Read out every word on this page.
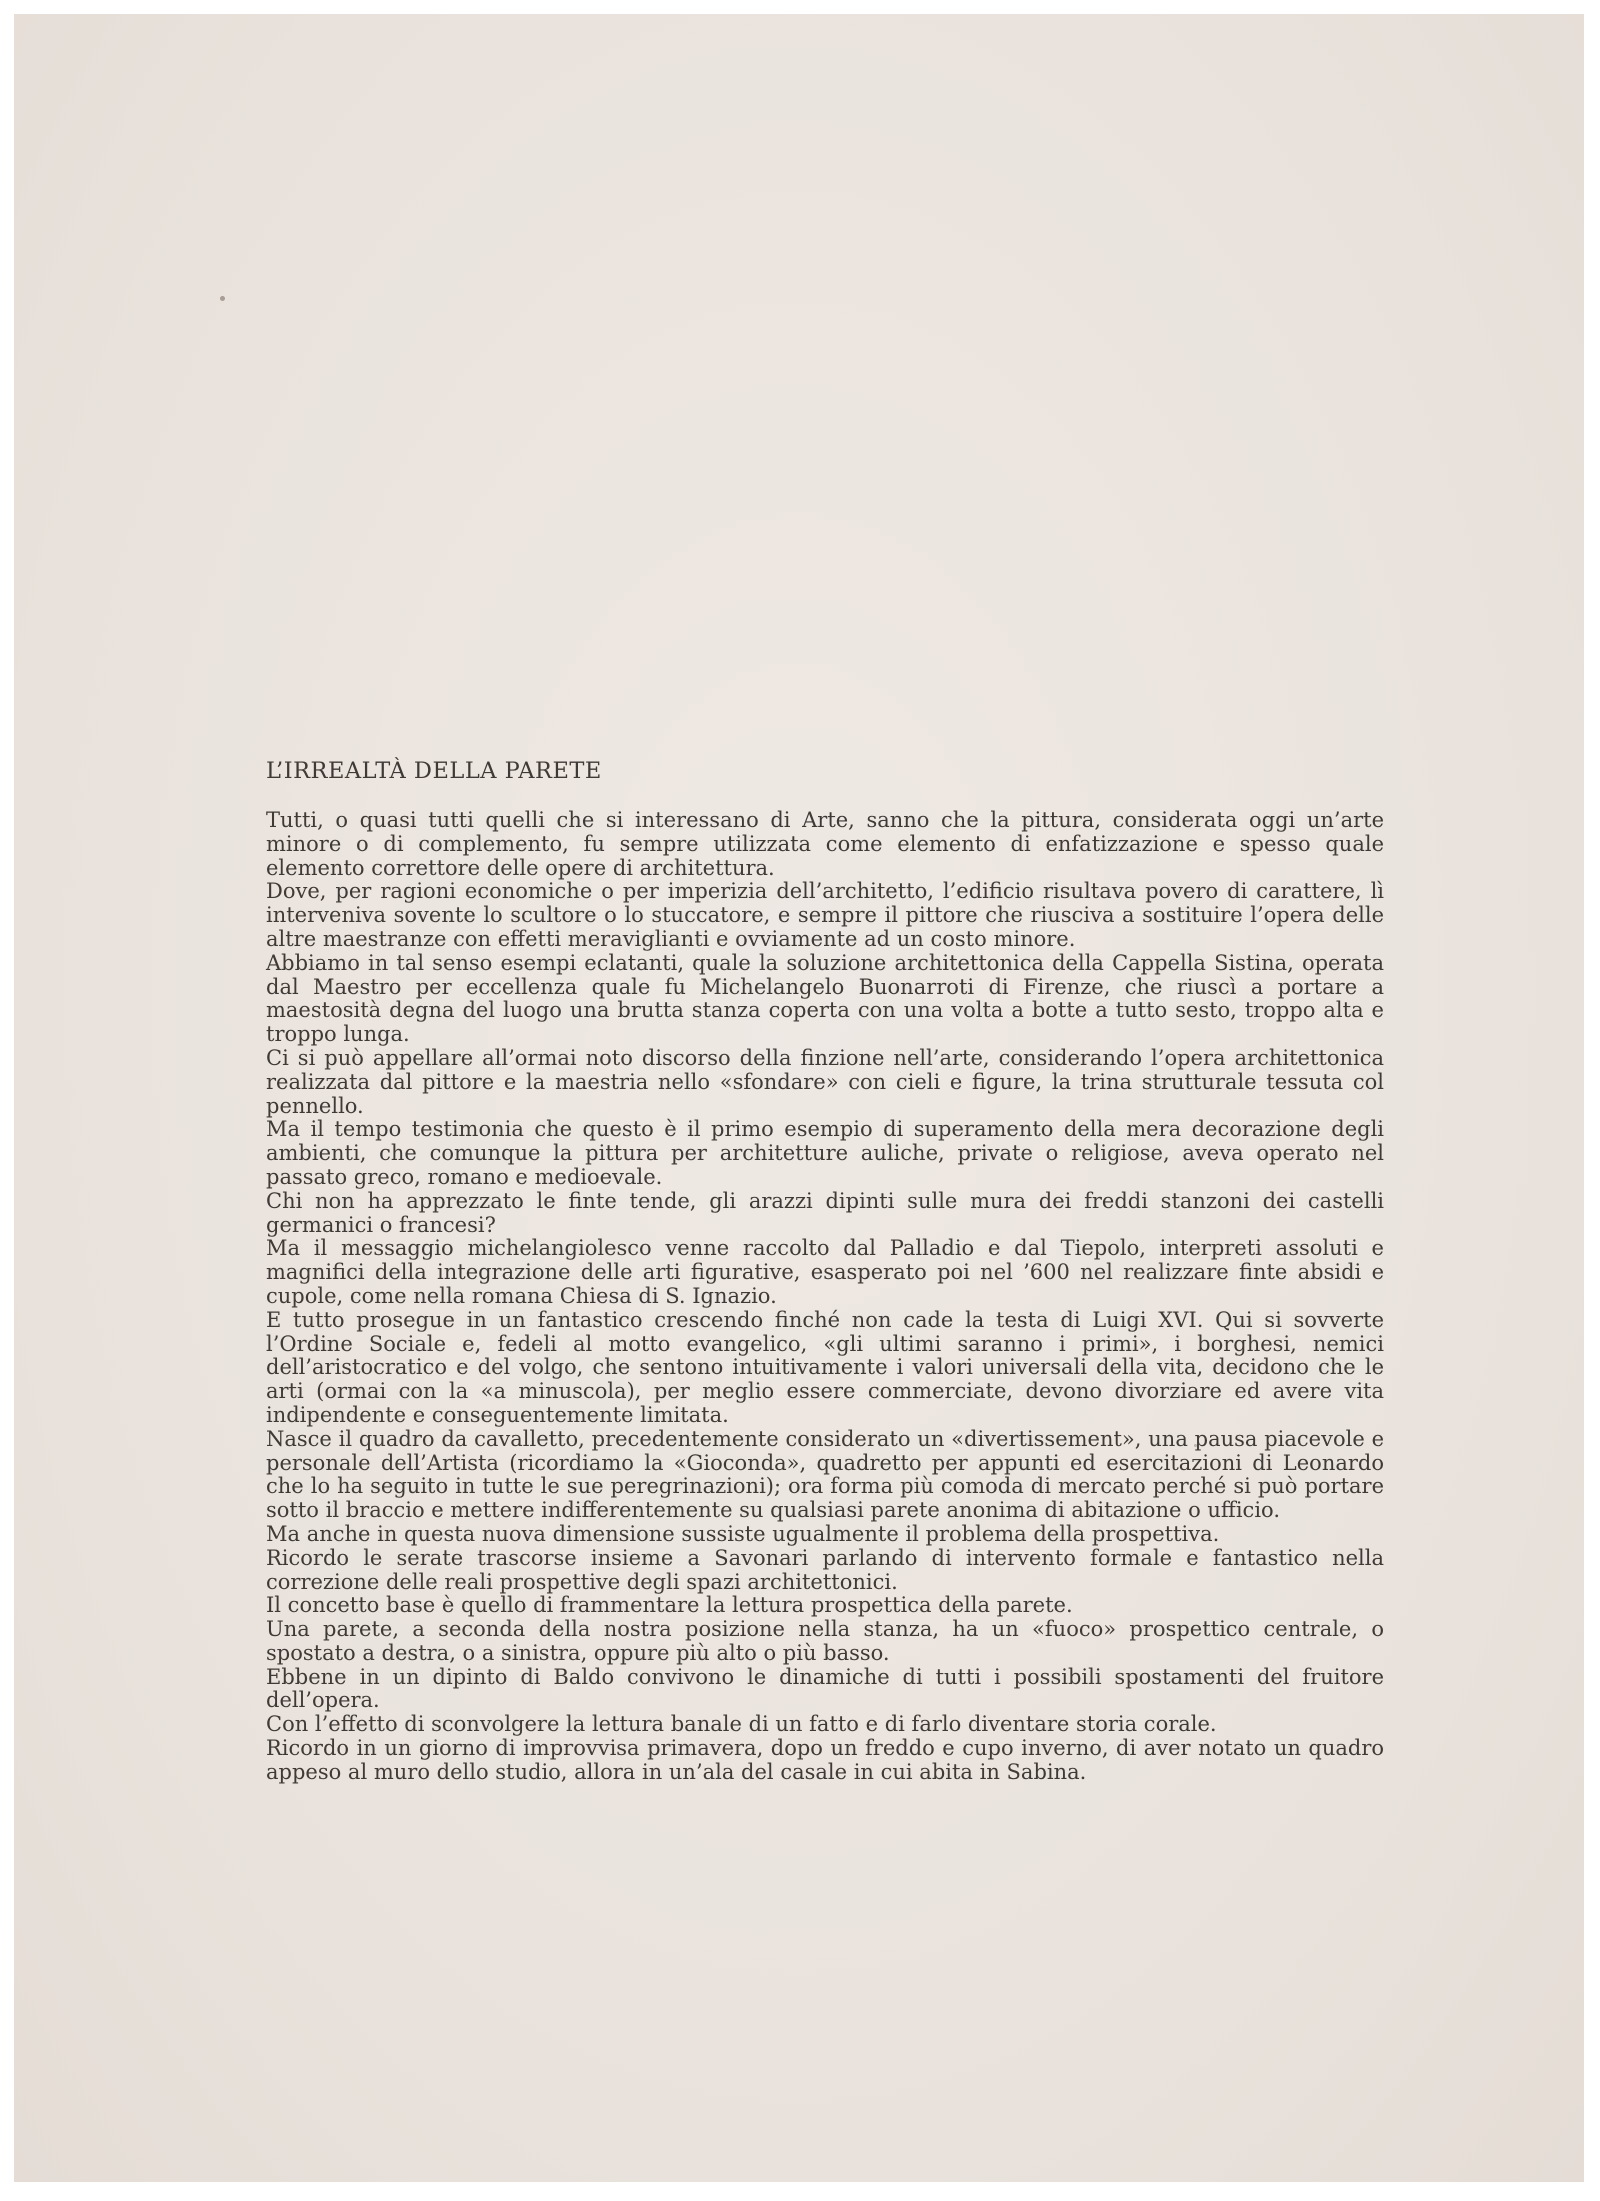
L’IRREALTÀ DELLA PARETE

Tutti, o quasi tutti quelli che si interessano di Arte, sanno che la pittura, considerata oggi un’arte minore o di complemento, fu sempre utilizzata come elemento di enfatizzazione e spesso quale elemento correttore delle opere di architettura.

Dove, per ragioni economiche o per imperizia dell’architetto, l’edificio risultava povero di carattere, lì interveniva sovente lo scultore o lo stuccatore, e sempre il pittore che riusciva a sostituire l’opera delle altre maestranze con effetti meraviglianti e ovviamente ad un costo minore.

Abbiamo in tal senso esempi eclatanti, quale la soluzione architettonica della Cappella Sistina, operata dal Maestro per eccellenza quale fu Michelangelo Buonarroti di Firenze, che riuscì a portare a maestosità degna del luogo una brutta stanza coperta con una volta a botte a tutto sesto, troppo alta e troppo lunga.

Ci si può appellare all’ormai noto discorso della finzione nell’arte, considerando l’opera architettonica realizzata dal pittore e la maestria nello «sfondare» con cieli e figure, la trina strutturale tessuta col pennello.

Ma il tempo testimonia che questo è il primo esempio di superamento della mera decorazione degli ambienti, che comunque la pittura per architetture auliche, private o religiose, aveva operato nel passato greco, romano e medioevale.

Chi non ha apprezzato le finte tende, gli arazzi dipinti sulle mura dei freddi stanzoni dei castelli germanici o francesi?

Ma il messaggio michelangiolesco venne raccolto dal Palladio e dal Tiepolo, interpreti assoluti e magnifici della integrazione delle arti figurative, esasperato poi nel ’600 nel realizzare finte absidi e cupole, come nella romana Chiesa di S. Ignazio.

E tutto prosegue in un fantastico crescendo finché non cade la testa di Luigi XVI. Qui si sovverte l’Ordine Sociale e, fedeli al motto evangelico, «gli ultimi saranno i primi», i borghesi, nemici dell’aristocratico e del volgo, che sentono intuitivamente i valori universali della vita, decidono che le arti (ormai con la «a minuscola), per meglio essere commerciate, devono divorziare ed avere vita indipendente e conseguentemente limitata.

Nasce il quadro da cavalletto, precedentemente considerato un «divertissement», una pausa piacevole e personale dell’Artista (ricordiamo la «Gioconda», quadretto per appunti ed esercitazioni di Leonardo che lo ha seguito in tutte le sue peregrinazioni); ora forma più comoda di mercato perché si può portare sotto il braccio e mettere indifferentemente su qualsiasi parete anonima di abitazione o ufficio.

Ma anche in questa nuova dimensione sussiste ugualmente il problema della prospettiva.

Ricordo le serate trascorse insieme a Savonari parlando di intervento formale e fantastico nella correzione delle reali prospettive degli spazi architettonici.

Il concetto base è quello di frammentare la lettura prospettica della parete.

Una parete, a seconda della nostra posizione nella stanza, ha un «fuoco» prospettico centrale, o spostato a destra, o a sinistra, oppure più alto o più basso.

Ebbene in un dipinto di Baldo convivono le dinamiche di tutti i possibili spostamenti del fruitore dell’opera.

Con l’effetto di sconvolgere la lettura banale di un fatto e di farlo diventare storia corale.

Ricordo in un giorno di improvvisa primavera, dopo un freddo e cupo inverno, di aver notato un quadro appeso al muro dello studio, allora in un’ala del casale in cui abita in Sabina.
